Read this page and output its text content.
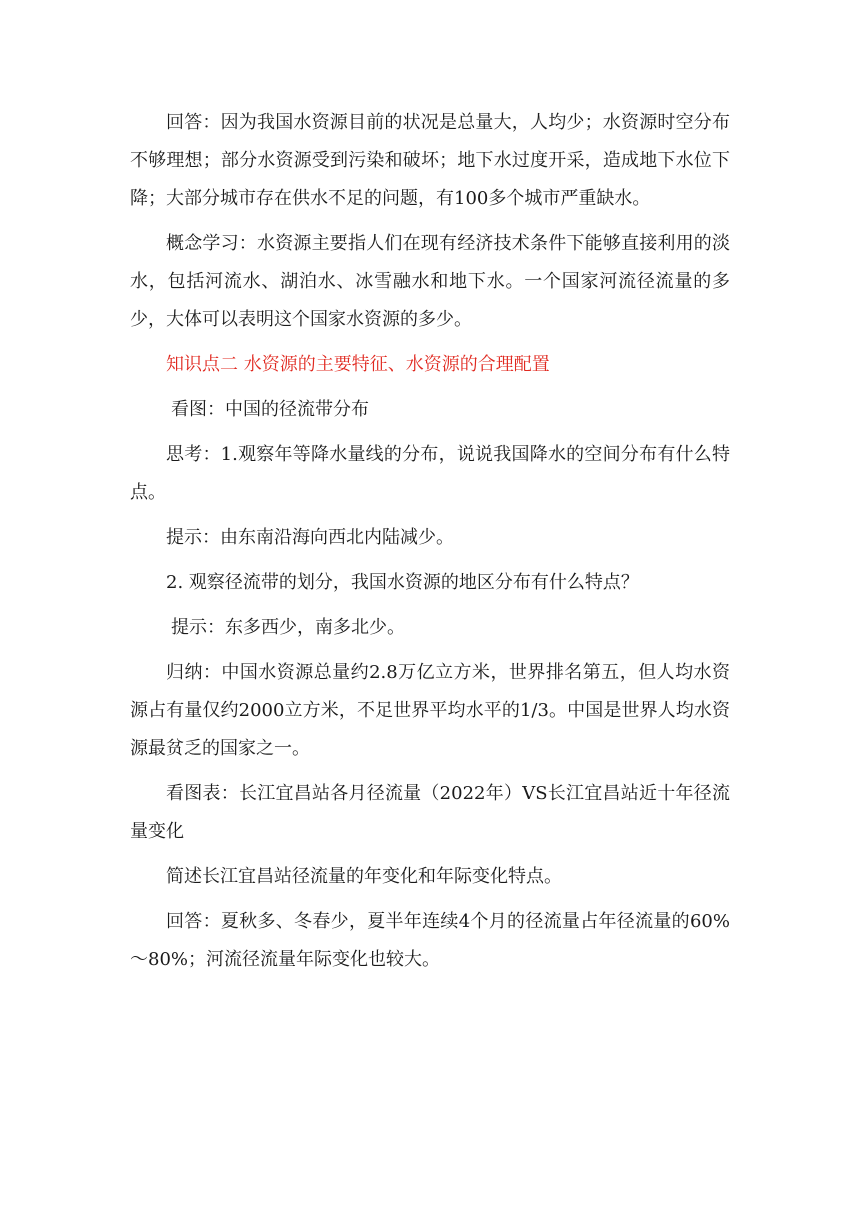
回答：因为我国水资源目前的状况是总量大，人均少；水资源时空分布不够理想；部分水资源受到污染和破坏；地下水过度开采，造成地下水位下降；大部分城市存在供水不足的问题，有100多个城市严重缺水。

概念学习：水资源主要指人们在现有经济技术条件下能够直接利用的淡水，包括河流水、湖泊水、冰雪融水和地下水。一个国家河流径流量的多少，大体可以表明这个国家水资源的多少。

知识点二 水资源的主要特征、水资源的合理配置

看图：中国的径流带分布

思考：1.观察年等降水量线的分布，说说我国降水的空间分布有什么特点。

提示：由东南沿海向西北内陆减少。

2. 观察径流带的划分，我国水资源的地区分布有什么特点？

提示：东多西少，南多北少。

归纳：中国水资源总量约2.8万亿立方米，世界排名第五，但人均水资源占有量仅约2000立方米，不足世界平均水平的1/3。中国是世界人均水资源最贫乏的国家之一。

看图表：长江宜昌站各月径流量（2022年）VS长江宜昌站近十年径流量变化

简述长江宜昌站径流量的年变化和年际变化特点。

回答：夏秋多、冬春少，夏半年连续4个月的径流量占年径流量的60%～80%；河流径流量年际变化也较大。
